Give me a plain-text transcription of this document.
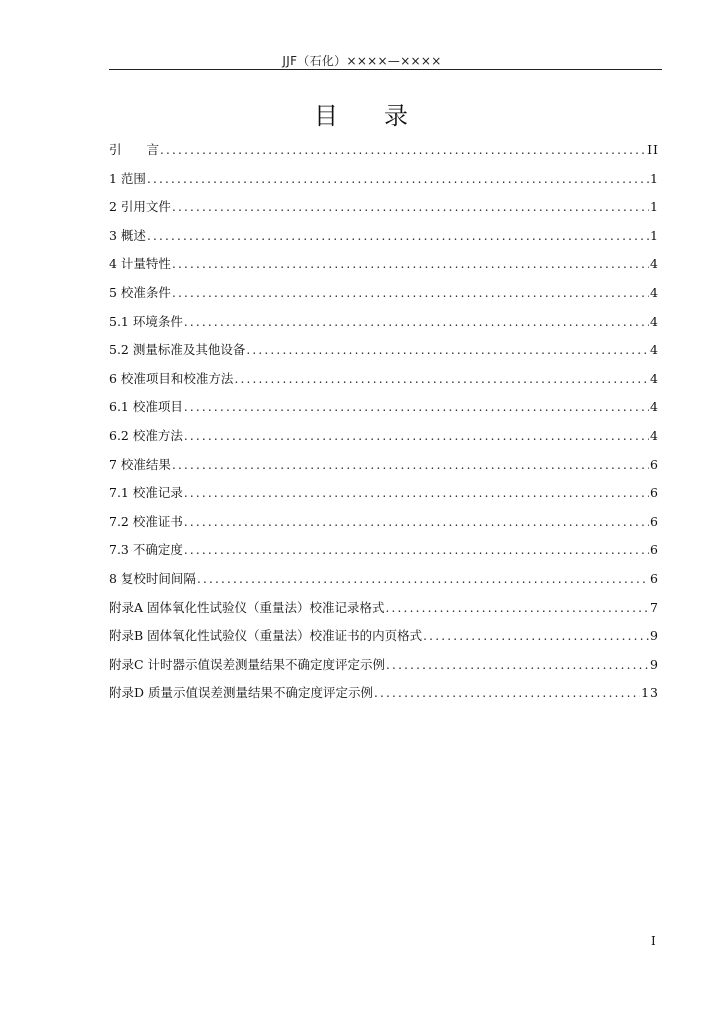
JJF（石化）××××—××××
目 录
引　　言 .....	II
1 范围 .....	1
2 引用文件 .....	1
3 概述 .....	1
4 计量特性 .....	4
5 校准条件 .....	4
5.1 环境条件 .....	4
5.2 测量标准及其他设备 .....	4
6 校准项目和校准方法 .....	4
6.1 校准项目 .....	4
6.2 校准方法 .....	4
7 校准结果 .....	6
7.1 校准记录 .....	6
7.2 校准证书 .....	6
7.3 不确定度 .....	6
8 复校时间间隔 .....	6
附录A 固体氧化性试验仪（重量法）校准记录格式 .....	7
附录B 固体氧化性试验仪（重量法）校准证书的内页格式 .....	9
附录C 计时器示值误差测量结果不确定度评定示例 .....	9
附录D 质量示值误差测量结果不确定度评定示例 .....	13
I
